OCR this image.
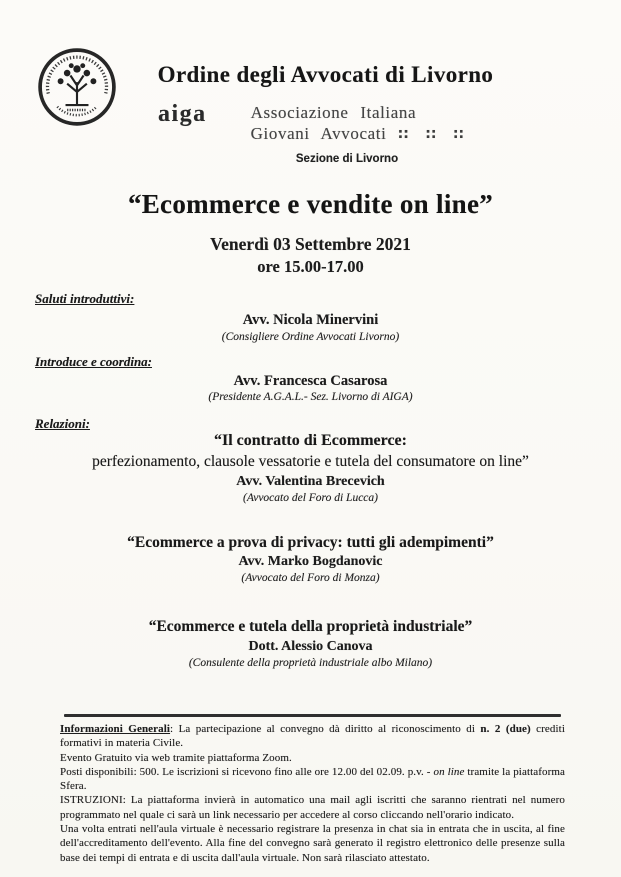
Ordine degli Avvocati di Livorno
aiga	Associazione Italiana
Giovani Avvocati ∷ ∷ ∷
Sezione di Livorno
“Ecommerce e vendite on line”
Venerdì 03 Settembre 2021
ore 15.00-17.00
Saluti introduttivi:
Avv. Nicola Minervini
(Consigliere Ordine Avvocati Livorno)
Introduce e coordina:
Avv. Francesca Casarosa
(Presidente A.G.A.L.- Sez. Livorno di AIGA)
Relazioni:
“Il contratto di Ecommerce:
perfezionamento, clausole vessatorie e tutela del consumatore on line”
Avv. Valentina Brecevich
(Avvocato del Foro di Lucca)
“Ecommerce a prova di privacy: tutti gli adempimenti”
Avv. Marko Bogdanovic
(Avvocato del Foro di Monza)
“Ecommerce e tutela della proprietà industriale”
Dott. Alessio Canova
(Consulente della proprietà industriale albo Milano)
Informazioni Generali: La partecipazione al convegno dà diritto al riconoscimento di n. 2 (due) crediti formativi in materia Civile.
Evento Gratuito via web tramite piattaforma Zoom.
Posti disponibili: 500. Le iscrizioni si ricevono fino alle ore 12.00 del 02.09. p.v. - on line tramite la piattaforma Sfera.
ISTRUZIONI: La piattaforma invierà in automatico una mail agli iscritti che saranno rientrati nel numero programmato nel quale ci sarà un link necessario per accedere al corso cliccando nell'orario indicato.
Una volta entrati nell'aula virtuale è necessario registrare la presenza in chat sia in entrata che in uscita, al fine dell'accreditamento dell'evento. Alla fine del convegno sarà generato il registro elettronico delle presenze sulla base dei tempi di entrata e di uscita dall'aula virtuale. Non sarà rilasciato attestato.
